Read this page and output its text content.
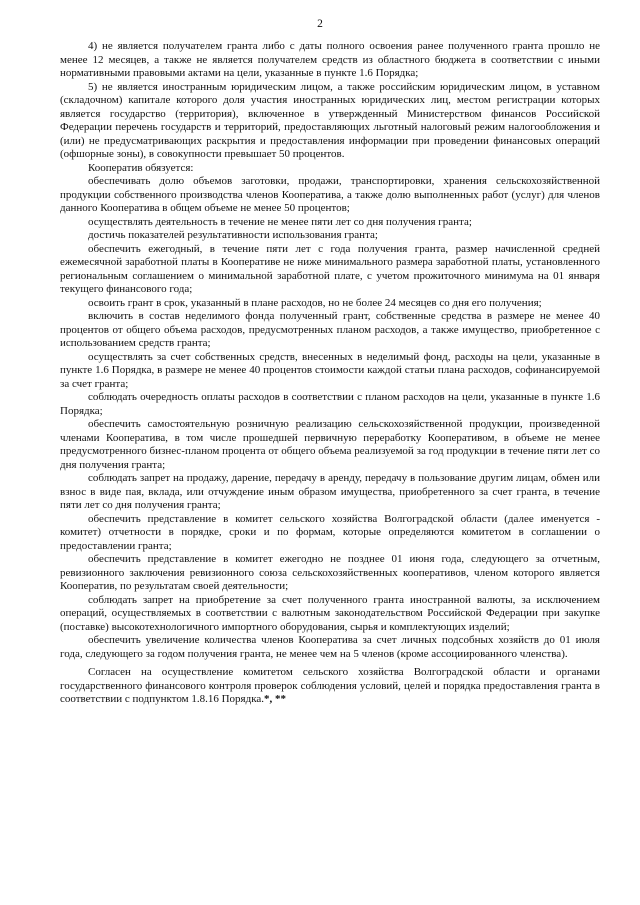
2

4) не является получателем гранта либо с даты полного освоения ранее полученного гранта прошло не менее 12 месяцев, а также не является получателем средств из областного бюджета в соответствии с иными нормативными правовыми актами на цели, указанные в пункте 1.6 Порядка;

5) не является иностранным юридическим лицом, а также российским юридическим лицом, в уставном (складочном) капитале которого доля участия иностранных юридических лиц, местом регистрации которых является государство (территория), включенное в утвержденный Министерством финансов Российской Федерации перечень государств и территорий, предоставляющих льготный налоговый режим налогообложения и (или) не предусматривающих раскрытия и предоставления информации при проведении финансовых операций (офшорные зоны), в совокупности превышает 50 процентов.

Кооператив обязуется:

обеспечивать долю объемов заготовки, продажи, транспортировки, хранения сельскохозяйственной продукции собственного производства членов Кооператива, а также долю выполненных работ (услуг) для членов данного Кооператива в общем объеме не менее 50 процентов;

осуществлять деятельность в течение не менее пяти лет со дня получения гранта;

достичь показателей результативности использования гранта;

обеспечить ежегодный, в течение пяти лет с года получения гранта, размер начисленной средней ежемесячной заработной платы в Кооперативе не ниже минимального размера заработной платы, установленного региональным соглашением о минимальной заработной плате, с учетом прожиточного минимума на 01 января текущего финансового года;

освоить грант в срок, указанный в плане расходов, но не более 24 месяцев со дня его получения;

включить в состав неделимого фонда полученный грант, собственные средства в размере не менее 40 процентов от общего объема расходов, предусмотренных планом расходов, а также имущество, приобретенное с использованием средств гранта;

осуществлять за счет собственных средств, внесенных в неделимый фонд, расходы на цели, указанные в пункте 1.6 Порядка, в размере не менее 40 процентов стоимости каждой статьи плана расходов, софинансируемой за счет гранта;

соблюдать очередность оплаты расходов в соответствии с планом расходов на цели, указанные в пункте 1.6 Порядка;

обеспечить самостоятельную розничную реализацию сельскохозяйственной продукции, произведенной членами Кооператива, в том числе прошедшей первичную переработку Кооперативом, в объеме не менее предусмотренного бизнес-планом процента от общего объема реализуемой за год продукции в течение пяти лет со дня получения гранта;

соблюдать запрет на продажу, дарение, передачу в аренду, передачу в пользование другим лицам, обмен или взнос в виде пая, вклада, или отчуждение иным образом имущества, приобретенного за счет гранта, в течение пяти лет со дня получения гранта;

обеспечить представление в комитет сельского хозяйства Волгоградской области (далее именуется - комитет) отчетности в порядке, сроки и по формам, которые определяются комитетом в соглашении о предоставлении гранта;

обеспечить представление в комитет ежегодно не позднее 01 июня года, следующего за отчетным, ревизионного заключения ревизионного союза сельскохозяйственных кооперативов, членом которого является Кооператив, по результатам своей деятельности;

соблюдать запрет на приобретение за счет полученного гранта иностранной валюты, за исключением операций, осуществляемых в соответствии с валютным законодательством Российской Федерации при закупке (поставке) высокотехнологичного импортного оборудования, сырья и комплектующих изделий;

обеспечить увеличение количества членов Кооператива за счет личных подсобных хозяйств до 01 июля года, следующего за годом получения гранта, не менее чем на 5 членов (кроме ассоциированного членства).

Согласен на осуществление комитетом сельского хозяйства Волгоградской области и органами государственного финансового контроля проверок соблюдения условий, целей и порядка предоставления гранта в соответствии с подпунктом 1.8.16 Порядка.*, **
